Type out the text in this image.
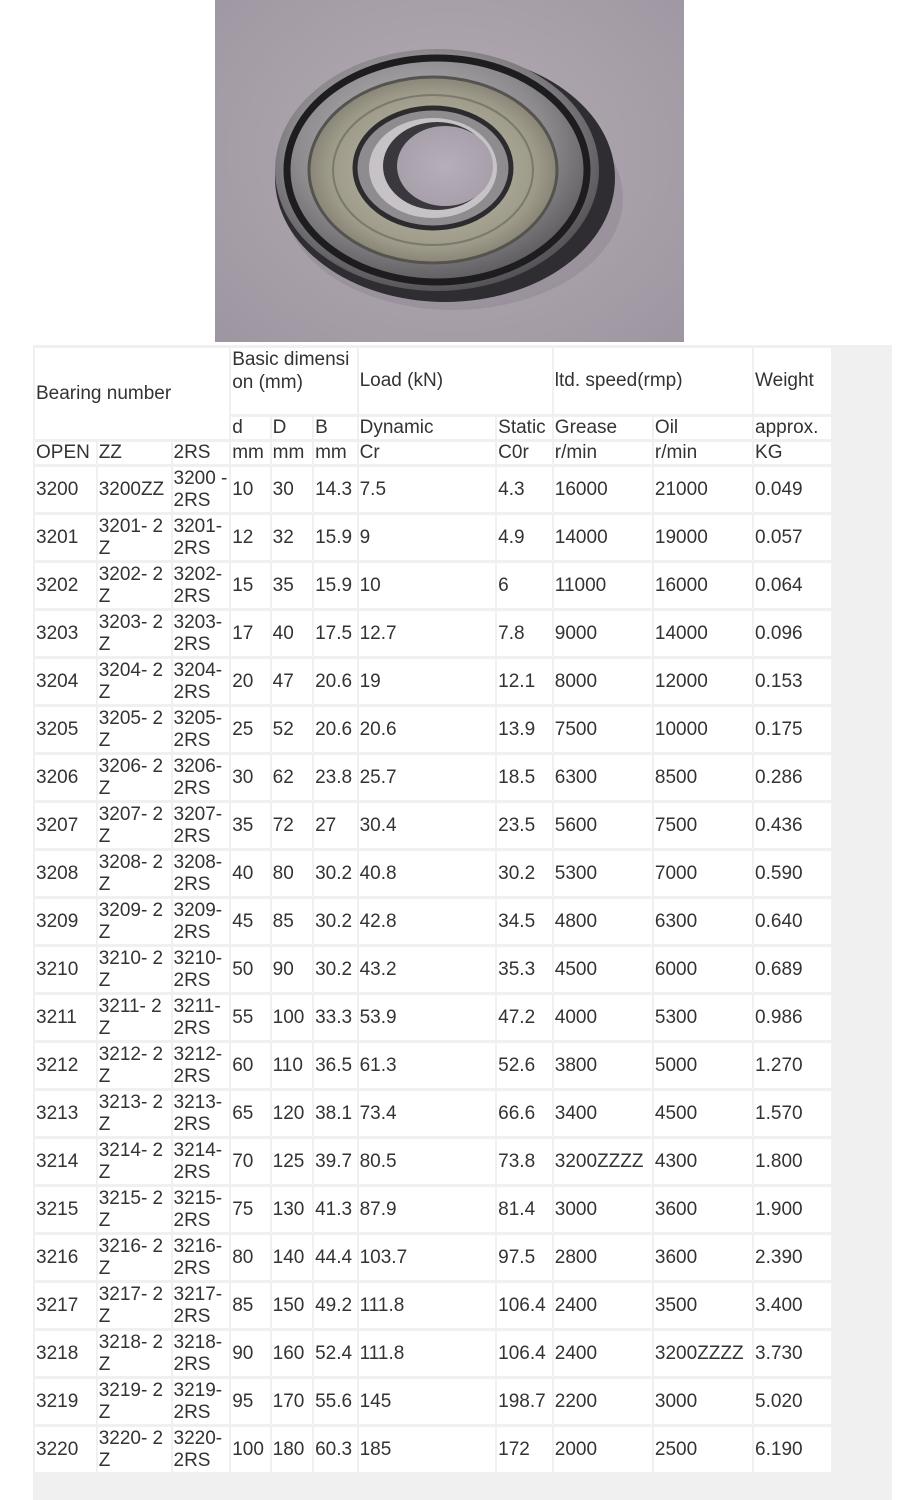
Bearing number			Basic dimension (mm)			Load (kN)		ltd. speed(rmp)		Weight
			d	D	B	Dynamic	Static	Grease	Oil	approx.
OPEN	ZZ	2RS	mm	mm	mm	Cr	C0r	r/min	r/min	KG
3200	3200ZZ	3200 -2RS	10	30	14.3	7.5	4.3	16000	21000	0.049
3201	3201- 2Z	3201- 2RS	12	32	15.9	9	4.9	14000	19000	0.057
3202	3202- 2Z	3202- 2RS	15	35	15.9	10	6	11000	16000	0.064
3203	3203- 2Z	3203- 2RS	17	40	17.5	12.7	7.8	9000	14000	0.096
3204	3204- 2Z	3204- 2RS	20	47	20.6	19	12.1	8000	12000	0.153
3205	3205- 2Z	3205- 2RS	25	52	20.6	20.6	13.9	7500	10000	0.175
3206	3206- 2Z	3206- 2RS	30	62	23.8	25.7	18.5	6300	8500	0.286
3207	3207- 2Z	3207- 2RS	35	72	27	30.4	23.5	5600	7500	0.436
3208	3208- 2Z	3208- 2RS	40	80	30.2	40.8	30.2	5300	7000	0.590
3209	3209- 2Z	3209- 2RS	45	85	30.2	42.8	34.5	4800	6300	0.640
3210	3210- 2Z	3210- 2RS	50	90	30.2	43.2	35.3	4500	6000	0.689
3211	3211- 2Z	3211- 2RS	55	100	33.3	53.9	47.2	4000	5300	0.986
3212	3212- 2Z	3212- 2RS	60	110	36.5	61.3	52.6	3800	5000	1.270
3213	3213- 2Z	3213- 2RS	65	120	38.1	73.4	66.6	3400	4500	1.570
3214	3214- 2Z	3214- 2RS	70	125	39.7	80.5	73.8	3200ZZZZ	4300	1.800
3215	3215- 2Z	3215- 2RS	75	130	41.3	87.9	81.4	3000	3600	1.900
3216	3216- 2Z	3216- 2RS	80	140	44.4	103.7	97.5	2800	3600	2.390
3217	3217- 2Z	3217- 2RS	85	150	49.2	111.8	106.4	2400	3500	3.400
3218	3218- 2Z	3218- 2RS	90	160	52.4	111.8	106.4	2400	3200ZZZZ	3.730
3219	3219- 2Z	3219- 2RS	95	170	55.6	145	198.7	2200	3000	5.020
3220	3220- 2Z	3220- 2RS	100	180	60.3	185	172	2000	2500	6.190
